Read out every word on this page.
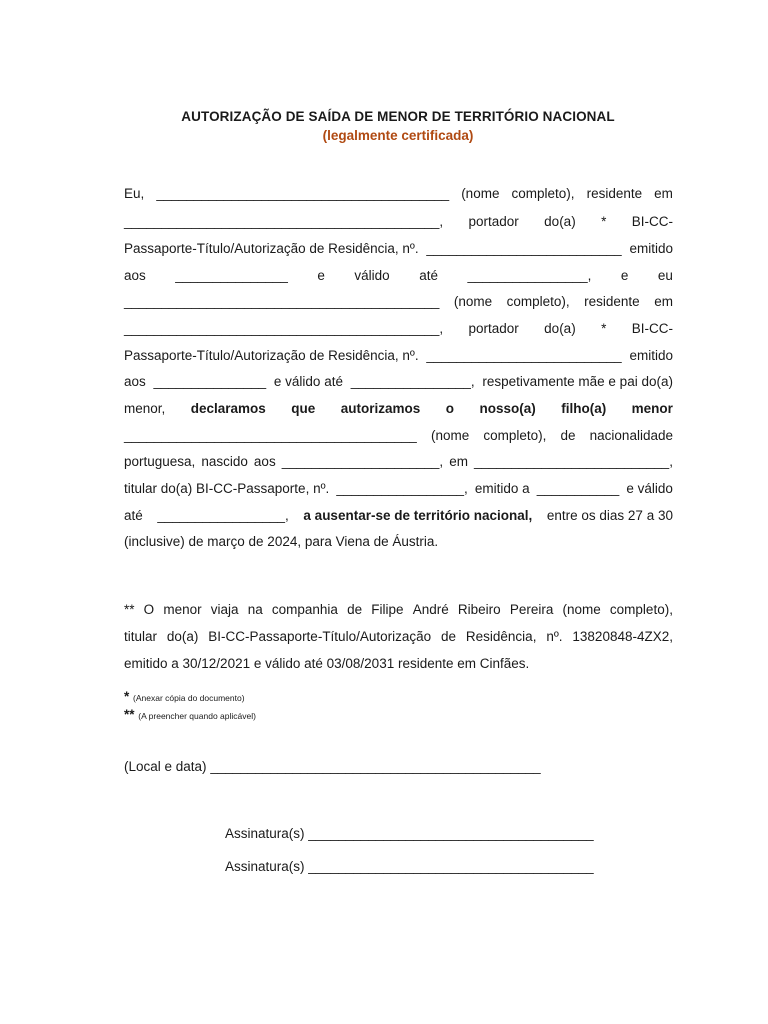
AUTORIZAÇÃO DE SAÍDA DE MENOR DE TERRITÓRIO NACIONAL

(legalmente certificada)

Eu, _______________________________________ (nome completo), residente em
__________________________________________, portador do(a) * BI-CC-
Passaporte-Título/Autorização de Residência, nº. __________________________ emitido
aos _______________ e válido até ________________, e eu
__________________________________________ (nome completo), residente em
__________________________________________, portador do(a) * BI-CC-
Passaporte-Título/Autorização de Residência, nº. __________________________ emitido
aos _______________ e válido até ________________, respetivamente mãe e pai do(a)
menor, declaramos que autorizamos o nosso(a) filho(a) menor
_______________________________________ (nome completo), de nacionalidade
portuguesa, nascido aos _____________________, em __________________________,
titular do(a) BI-CC-Passaporte, nº. _________________, emitido a ___________ e válido
até _________________, a ausentar-se de território nacional, entre os dias 27 a 30
(inclusive) de março de 2024, para Viena de Áustria.
** O menor viaja na companhia de Filipe André Ribeiro Pereira (nome completo),
titular do(a) BI-CC-Passaporte-Título/Autorização de Residência, nº. 13820848-4ZX2,
emitido a 30/12/2021 e válido até 03/08/2031 residente em Cinfães.
* (Anexar cópia do documento)
** (A preencher quando aplicável)
(Local e data) ____________________________________________
Assinatura(s) ______________________________________
Assinatura(s) ______________________________________
